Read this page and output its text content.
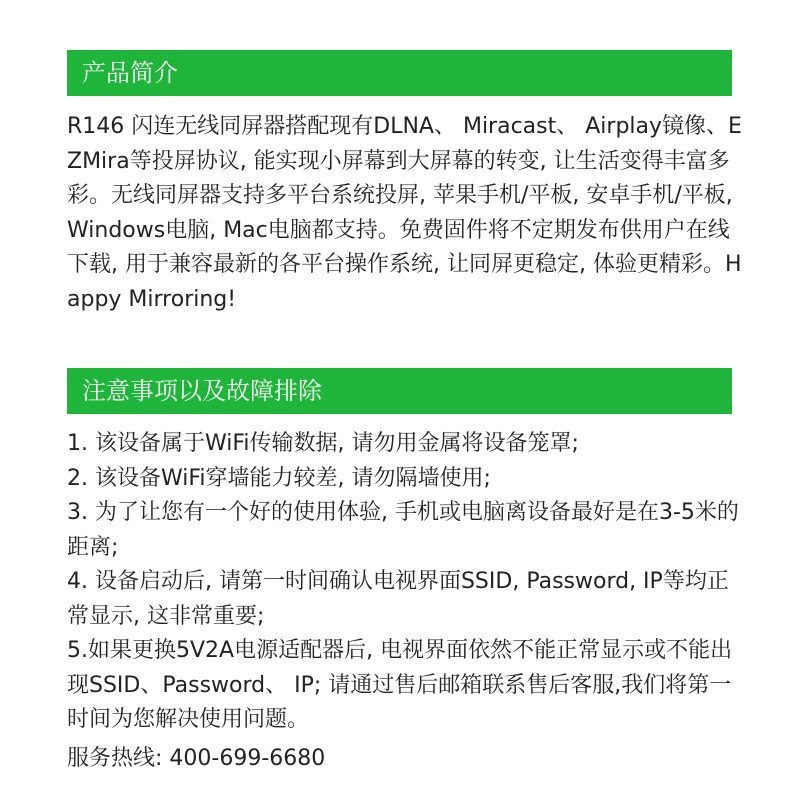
产品简介
R146 闪连无线同屏器搭配现有DLNA、 Miracast、 Airplay镜像、EZMira等投屏协议, 能实现小屏幕到大屏幕的转变, 让生活变得丰富多彩。无线同屏器支持多平台系统投屏, 苹果手机/平板, 安卓手机/平板, Windows电脑, Mac电脑都支持。免费固件将不定期发布供用户在线下载, 用于兼容最新的各平台操作系统, 让同屏更稳定, 体验更精彩。Happy Mirroring!
注意事项以及故障排除

1. 该设备属于WiFi传输数据, 请勿用金属将设备笼罩;

2. 该设备WiFi穿墙能力较差, 请勿隔墙使用;

3. 为了让您有一个好的使用体验, 手机或电脑离设备最好是在3-5米的距离;

4. 设备启动后, 请第一时间确认电视界面SSID, Password, IP等均正常显示, 这非常重要;

5.如果更换5V2A电源适配器后, 电视界面依然不能正常显示或不能出现SSID、Password、 IP; 请通过售后邮箱联系售后客服,我们将第一时间为您解决使用问题。

服务热线: 400-699-6680
